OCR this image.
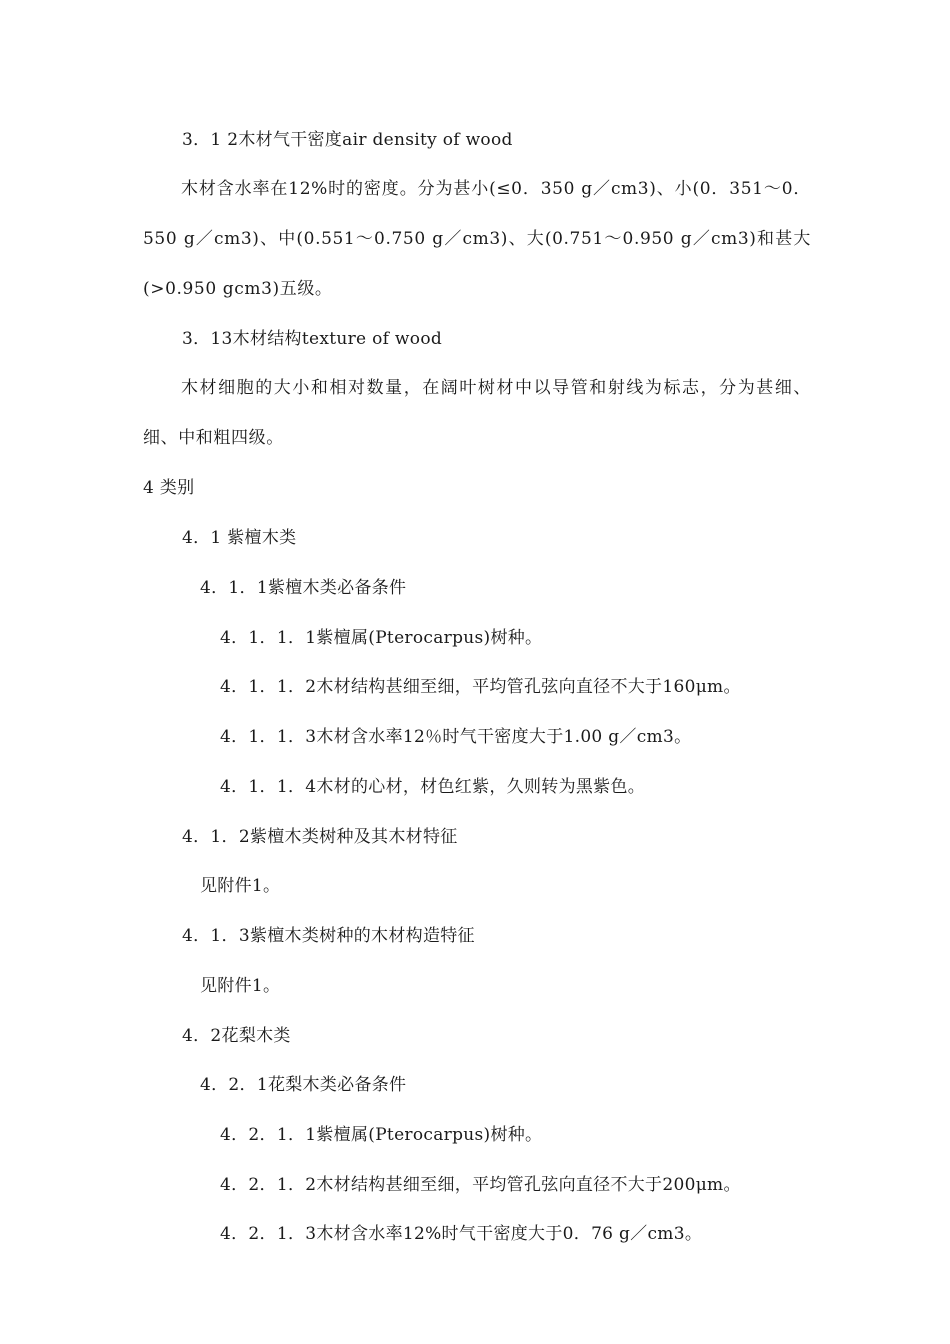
3．1 2木材气干密度air density of wood
木材含水率在12%时的密度。分为甚小(≤0．350 g／cm3)、小(0．351～0．550 g／cm3)、中(0.551～0.750 g／cm3)、大(0.751～0.950 g／cm3)和甚大(>0.950 gcm3)五级。
3．13木材结构texture of wood
木材细胞的大小和相对数量，在阔叶树材中以导管和射线为标志，分为甚细、细、中和粗四级。
4 类别
4．1 紫檀木类
4．1．1紫檀木类必备条件
4．1．1．1紫檀属(Pterocarpus)树种。
4．1．1．2木材结构甚细至细，平均管孔弦向直径不大于160μm。
4．1．1．3木材含水率12％时气干密度大于1.00 g／cm3。
4．1．1．4木材的心材，材色红紫，久则转为黑紫色。
4．1．2紫檀木类树种及其木材特征
见附件1。
4．1．3紫檀木类树种的木材构造特征
见附件1。
4．2花梨木类
4．2．1花梨木类必备条件
4．2．1．1紫檀属(Pterocarpus)树种。
4．2．1．2木材结构甚细至细，平均管孔弦向直径不大于200μm。
4．2．1．3木材含水率12%时气干密度大于0．76 g／cm3。
